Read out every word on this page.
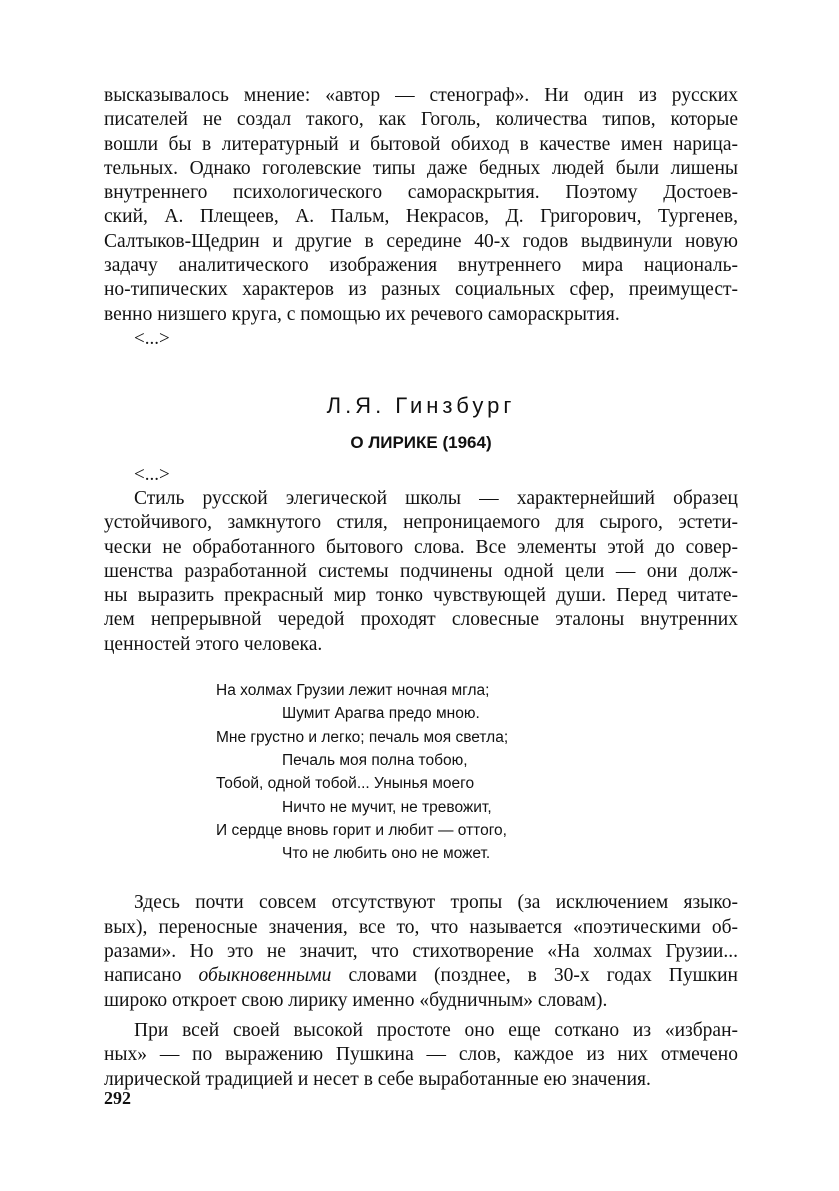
высказывалось мнение: «автор — стенограф». Ни один из русских
писателей не создал такого, как Гоголь, количества типов, которые
вошли бы в литературный и бытовой обиход в качестве имен нарица-
тельных. Однако гоголевские типы даже бедных людей были лишены
внутреннего психологического самораскрытия. Поэтому Достоев-
ский, А. Плещеев, А. Пальм, Некрасов, Д. Григорович, Тургенев,
Салтыков-Щедрин и другие в середине 40-х годов выдвинули новую
задачу аналитического изображения внутреннего мира националь-
но-типических характеров из разных социальных сфер, преимущест-
венно низшего круга, с помощью их речевого самораскрытия.
<...>
Л.Я. Гинзбург
О ЛИРИКЕ (1964)
<...>
Стиль русской элегической школы — характернейший образец
устойчивого, замкнутого стиля, непроницаемого для сырого, эстети-
чески не обработанного бытового слова. Все элементы этой до совер-
шенства разработанной системы подчинены одной цели — они долж-
ны выразить прекрасный мир тонко чувствующей души. Перед читате-
лем непрерывной чередой проходят словесные эталоны внутренних
ценностей этого человека.
На холмах Грузии лежит ночная мгла;
Шумит Арагва предо мною.
Мне грустно и легко; печаль моя светла;
Печаль моя полна тобою,
Тобой, одной тобой... Унынья моего
Ничто не мучит, не тревожит,
И сердце вновь горит и любит — оттого,
Что не любить оно не может.
Здесь почти совсем отсутствуют тропы (за исключением языко-
вых), переносные значения, все то, что называется «поэтическими об-
разами». Но это не значит, что стихотворение «На холмах Грузии...
написано обыкновенными словами (позднее, в 30-х годах Пушкин
широко откроет свою лирику именно «будничным» словам).
При всей своей высокой простоте оно еще соткано из «избран-
ных» — по выражению Пушкина — слов, каждое из них отмечено
лирической традицией и несет в себе выработанные ею значения.
292
